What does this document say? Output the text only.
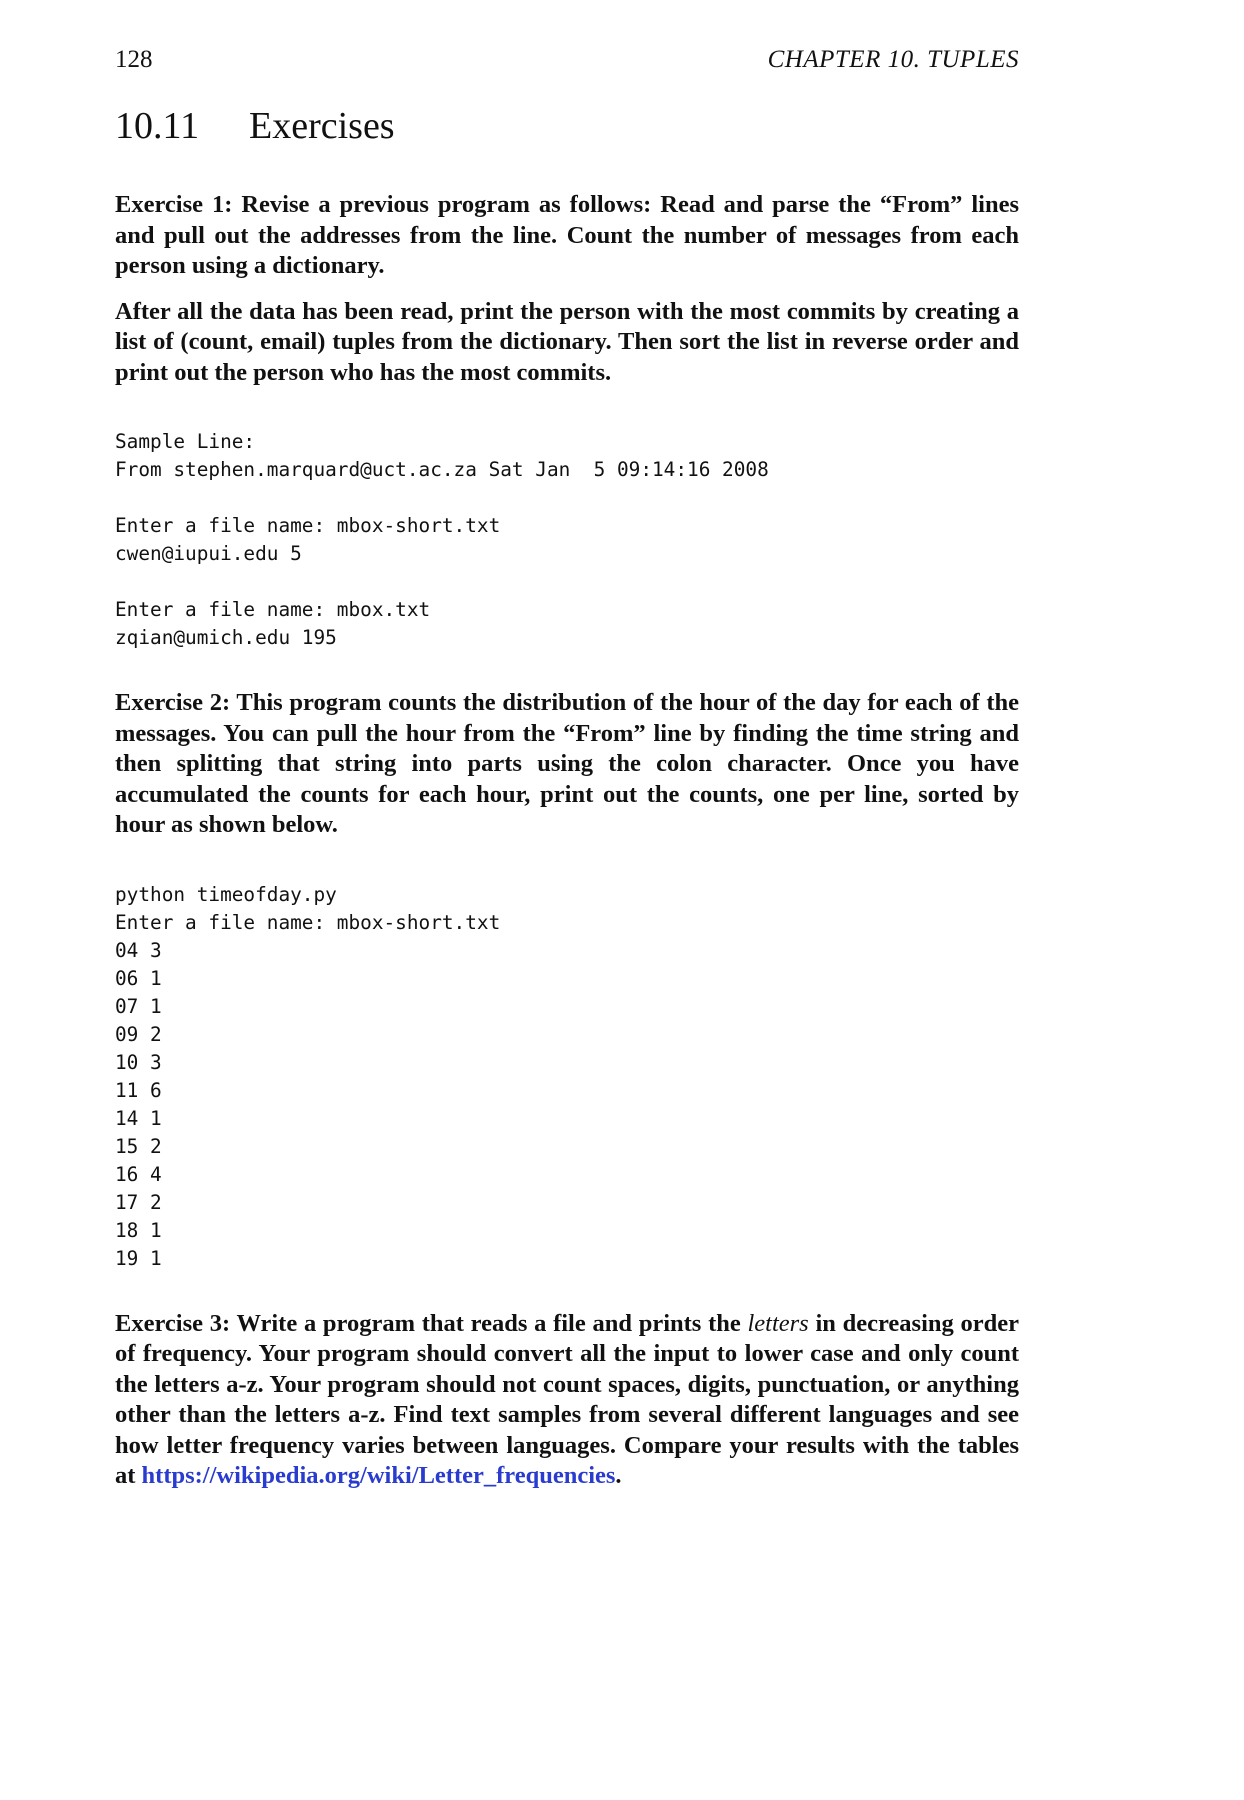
128	CHAPTER 10. TUPLES
10.11 Exercises

Exercise 1: Revise a previous program as follows: Read and parse the “From” lines and pull out the addresses from the line. Count the number of messages from each person using a dictionary.

After all the data has been read, print the person with the most commits by creating a list of (count, email) tuples from the dictionary. Then sort the list in reverse order and print out the person who has the most commits.

Sample Line:
From stephen.marquard@uct.ac.za Sat Jan  5 09:14:16 2008
Enter a file name: mbox-short.txt
cwen@iupui.edu 5
Enter a file name: mbox.txt
zqian@umich.edu 195

Exercise 2: This program counts the distribution of the hour of the day for each of the messages. You can pull the hour from the “From” line by finding the time string and then splitting that string into parts using the colon character. Once you have accumulated the counts for each hour, print out the counts, one per line, sorted by hour as shown below.

python timeofday.py
Enter a file name: mbox-short.txt
04 3
06 1
07 1
09 2
10 3
11 6
14 1
15 2
16 4
17 2
18 1
19 1

Exercise 3: Write a program that reads a file and prints the letters in decreasing order of frequency. Your program should convert all the input to lower case and only count the letters a-z. Your program should not count spaces, digits, punctuation, or anything other than the letters a-z. Find text samples from several different languages and see how letter frequency varies between languages. Compare your results with the tables at https://wikipedia.org/wiki/Letter_frequencies.
